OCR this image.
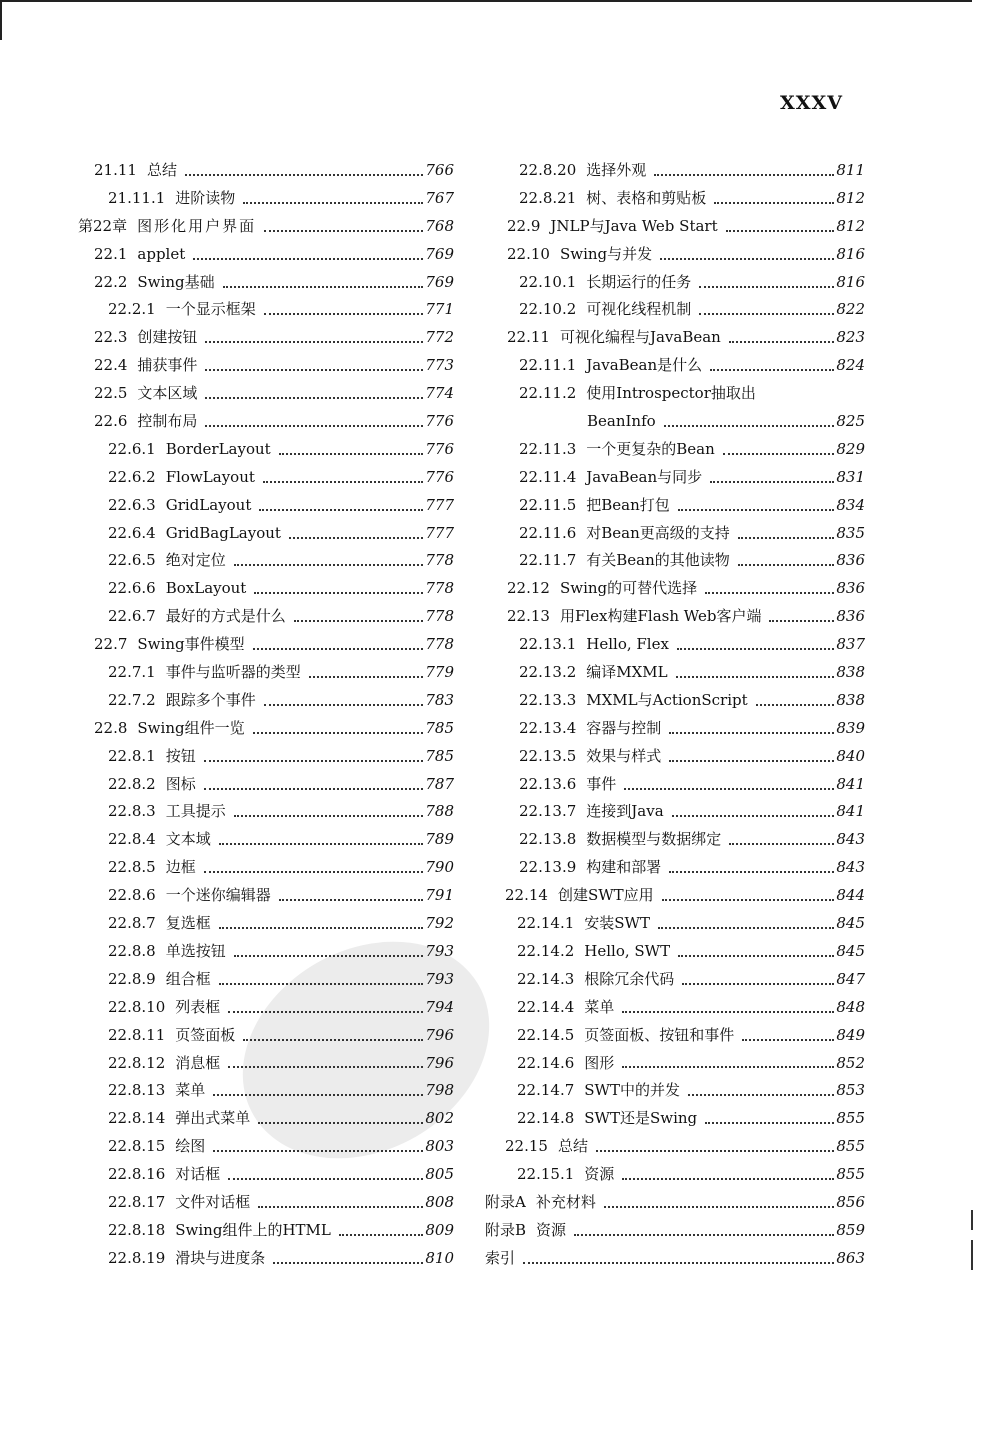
XXXV
21.11 总结	766
21.11.1 进阶读物	767
第22章 图形化用户界面	768
22.1 applet	769
22.2 Swing基础	769
22.2.1 一个显示框架	771
22.3 创建按钮	772
22.4 捕获事件	773
22.5 文本区域	774
22.6 控制布局	776
22.6.1 BorderLayout	776
22.6.2 FlowLayout	776
22.6.3 GridLayout	777
22.6.4 GridBagLayout	777
22.6.5 绝对定位	778
22.6.6 BoxLayout	778
22.6.7 最好的方式是什么	778
22.7 Swing事件模型	778
22.7.1 事件与监听器的类型	779
22.7.2 跟踪多个事件	783
22.8 Swing组件一览	785
22.8.1 按钮	785
22.8.2 图标	787
22.8.3 工具提示	788
22.8.4 文本域	789
22.8.5 边框	790
22.8.6 一个迷你编辑器	791
22.8.7 复选框	792
22.8.8 单选按钮	793
22.8.9 组合框	793
22.8.10 列表框	794
22.8.11 页签面板	796
22.8.12 消息框	796
22.8.13 菜单	798
22.8.14 弹出式菜单	802
22.8.15 绘图	803
22.8.16 对话框	805
22.8.17 文件对话框	808
22.8.18 Swing组件上的HTML	809
22.8.19 滑块与进度条	810
22.8.20 选择外观	811
22.8.21 树、表格和剪贴板	812
22.9 JNLP与Java Web Start	812
22.10 Swing与并发	816
22.10.1 长期运行的任务	816
22.10.2 可视化线程机制	822
22.11 可视化编程与JavaBean	823
22.11.1 JavaBean是什么	824
22.11.2 使用Introspector抽取出
BeanInfo	825
22.11.3 一个更复杂的Bean	829
22.11.4 JavaBean与同步	831
22.11.5 把Bean打包	834
22.11.6 对Bean更高级的支持	835
22.11.7 有关Bean的其他读物	836
22.12 Swing的可替代选择	836
22.13 用Flex构建Flash Web客户端	836
22.13.1 Hello, Flex	837
22.13.2 编译MXML	838
22.13.3 MXML与ActionScript	838
22.13.4 容器与控制	839
22.13.5 效果与样式	840
22.13.6 事件	841
22.13.7 连接到Java	841
22.13.8 数据模型与数据绑定	843
22.13.9 构建和部署	843
22.14 创建SWT应用	844
22.14.1 安装SWT	845
22.14.2 Hello, SWT	845
22.14.3 根除冗余代码	847
22.14.4 菜单	848
22.14.5 页签面板、按钮和事件	849
22.14.6 图形	852
22.14.7 SWT中的并发	853
22.14.8 SWT还是Swing	855
22.15 总结	855
22.15.1 资源	855
附录A 补充材料	856
附录B 资源	859
索引	863
